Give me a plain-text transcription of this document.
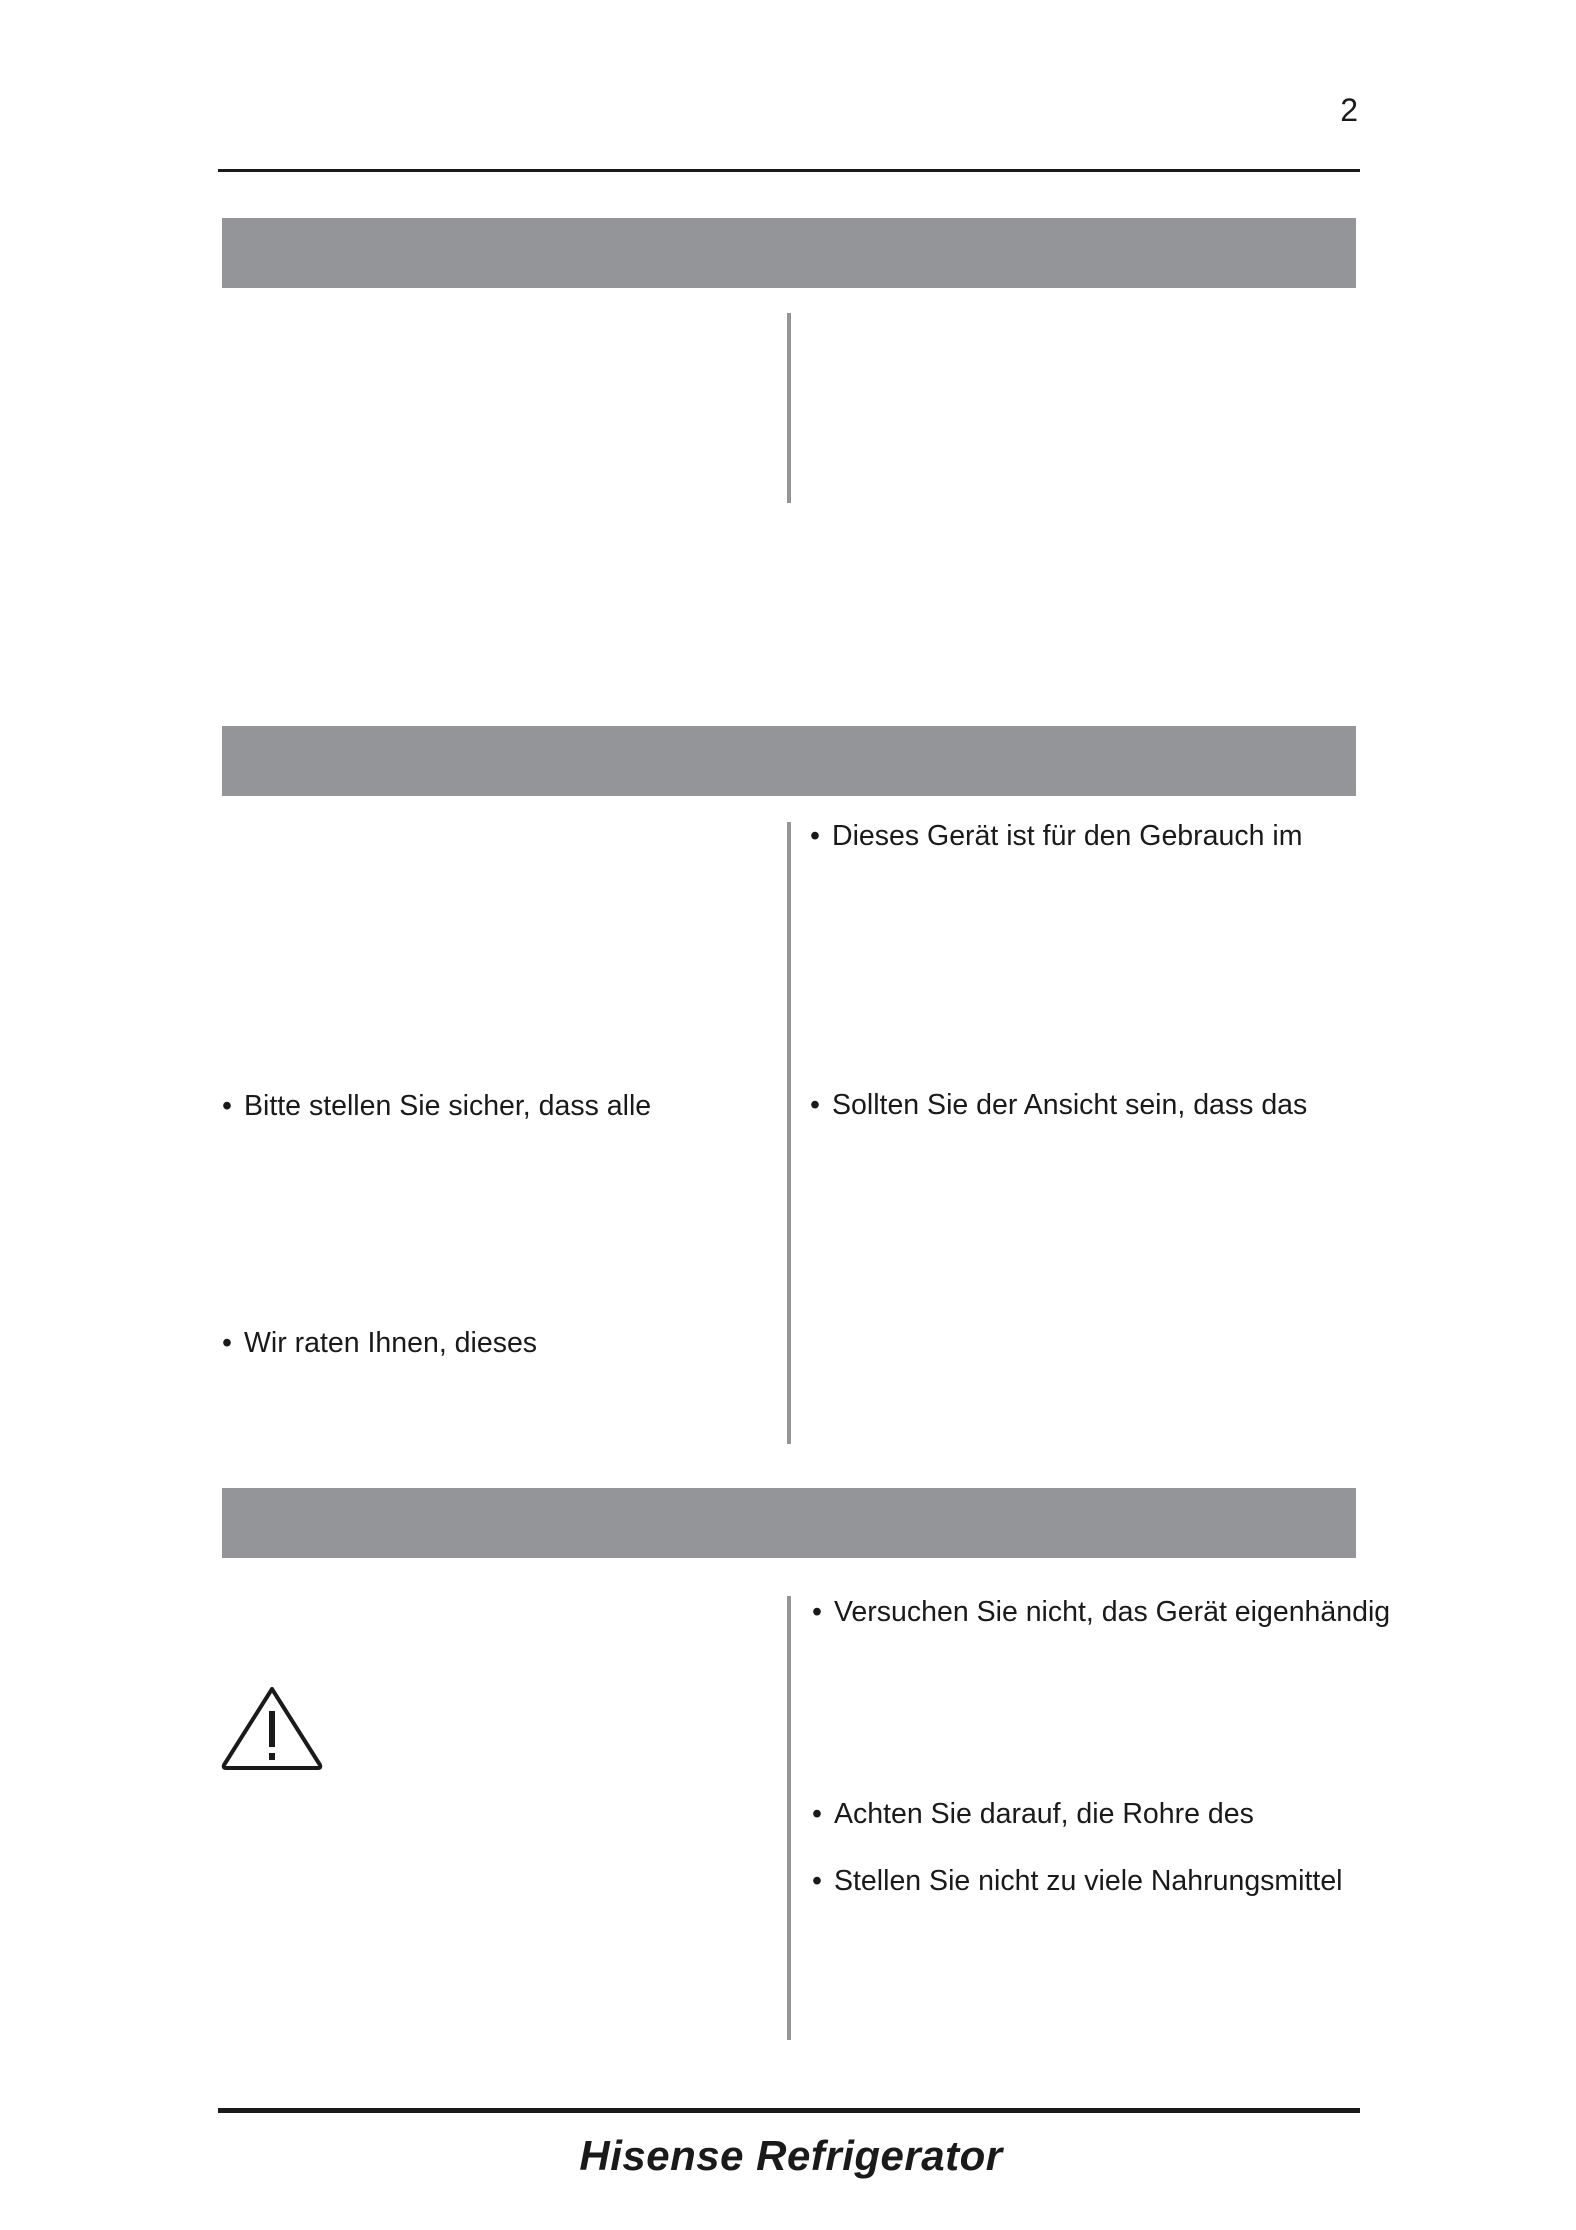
2
• Bitte stellen Sie sicher, dass alle
• Wir raten Ihnen, dieses
• Dieses Gerät ist für den Gebrauch im
• Sollten Sie der Ansicht sein, dass das
• Versuchen Sie nicht, das Gerät eigenhändig
• Achten Sie darauf, die Rohre des
• Stellen Sie nicht zu viele Nahrungsmittel
Hisense Refrigerator
